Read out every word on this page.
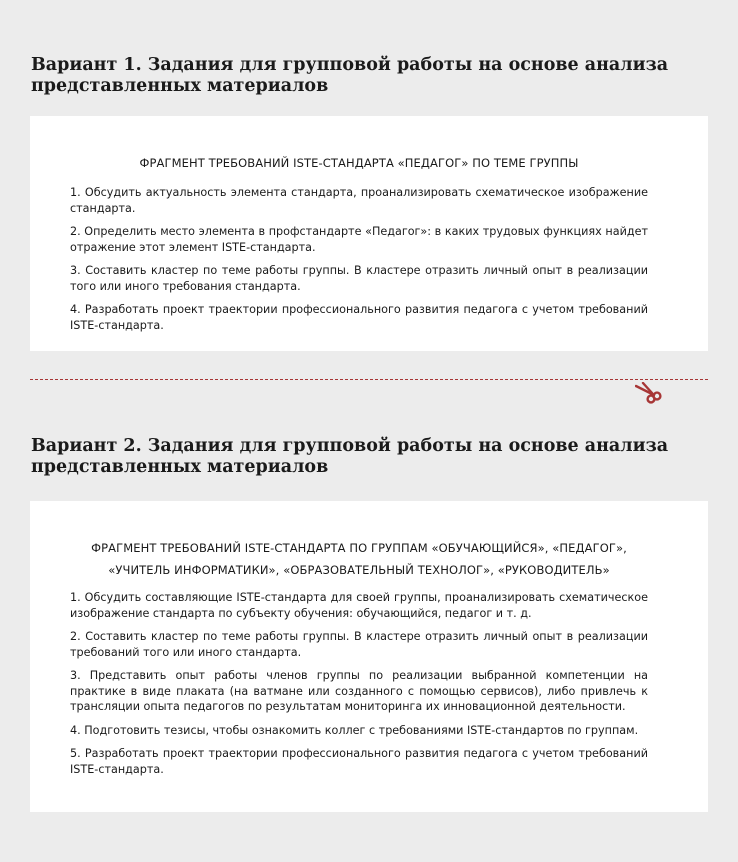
Вариант 1. Задания для групповой работы на основе анализа представленных материалов
ФРАГМЕНТ ТРЕБОВАНИЙ ISTE-СТАНДАРТА «ПЕДАГОГ» ПО ТЕМЕ ГРУППЫ
1. Обсудить актуальность элемента стандарта, проанализировать схематическое изображение стандарта.
2. Определить место элемента в профстандарте «Педагог»: в каких трудовых функциях найдет отражение этот элемент ISTE-стандарта.
3. Составить кластер по теме работы группы. В кластере отразить личный опыт в реализации того или иного требования стандарта.
4. Разработать проект траектории профессионального развития педагога с учетом требований ISTE-стандарта.
Вариант 2. Задания для групповой работы на основе анализа представленных материалов
ФРАГМЕНТ ТРЕБОВАНИЙ ISTE-СТАНДАРТА ПО ГРУППАМ «ОБУЧАЮЩИЙСЯ», «ПЕДАГОГ», «УЧИТЕЛЬ ИНФОРМАТИКИ», «ОБРАЗОВАТЕЛЬНЫЙ ТЕХНОЛОГ», «РУКОВОДИТЕЛЬ»
1. Обсудить составляющие ISTE-стандарта для своей группы, проанализировать схематическое изображение стандарта по субъекту обучения: обучающийся, педагог и т. д.
2. Составить кластер по теме работы группы. В кластере отразить личный опыт в реализации требований того или иного стандарта.
3. Представить опыт работы членов группы по реализации выбранной компетенции на практике в виде плаката (на ватмане или созданного с помощью сервисов), либо привлечь к трансляции опыта педагогов по результатам мониторинга их инновационной деятельности.
4. Подготовить тезисы, чтобы ознакомить коллег с требованиями ISTE-стандартов по группам.
5. Разработать проект траектории профессионального развития педагога с учетом требований ISTE-стандарта.
